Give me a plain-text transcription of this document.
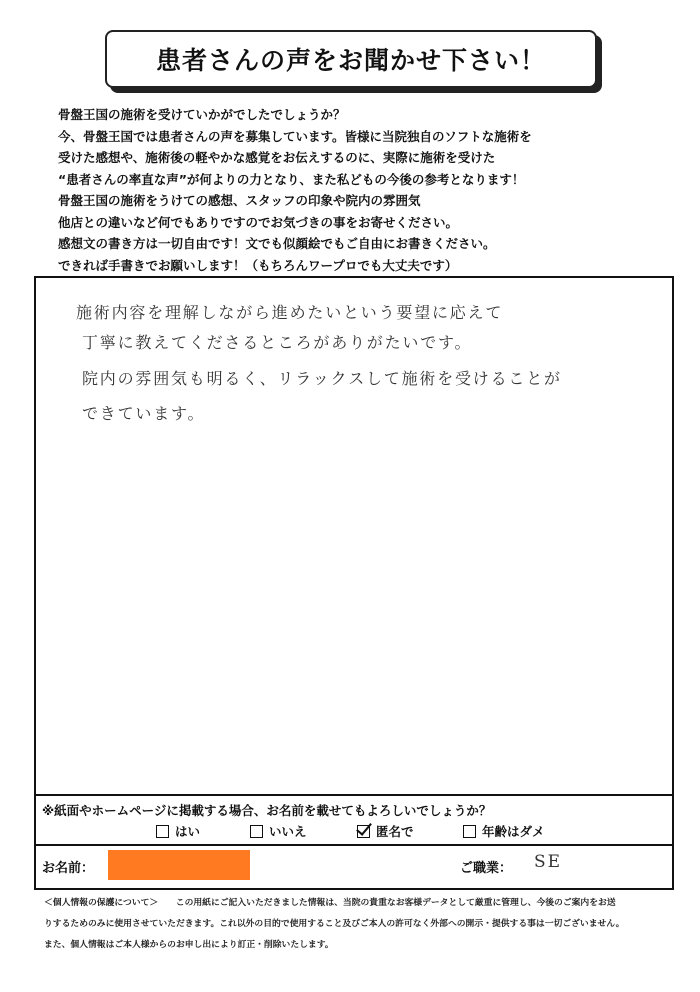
患者さんの声をお聞かせ下さい！
骨盤王国の施術を受けていかがでしたでしょうか？
今、骨盤王国では患者さんの声を募集しています。皆様に当院独自のソフトな施術を
受けた感想や、施術後の軽やかな感覚をお伝えするのに、実際に施術を受けた
“患者さんの率直な声”が何よりの力となり、また私どもの今後の参考となります！
骨盤王国の施術をうけての感想、スタッフの印象や院内の雰囲気
他店との違いなど何でもありですのでお気づきの事をお寄せください。
感想文の書き方は一切自由です！文でも似顔絵でもご自由にお書きください。
できれば手書きでお願いします！（もちろんワープロでも大丈夫です）

施術内容を理解しながら進めたいという要望に応えて

丁寧に教えてくださるところがありがたいです。

院内の雰囲気も明るく、リラックスして施術を受けることが

できています。

※紙面やホームページに掲載する場合、お名前を載せてもよろしいでしょうか？
はい	いいえ	匿名で	年齢はダメ
お名前：	ご職業： SE
＜個人情報の保護について＞　　この用紙にご記入いただきました情報は、当院の貴重なお客様データとして厳重に管理し、今後のご案内をお送
りするためのみに使用させていただきます。これ以外の目的で使用すること及びご本人の許可なく外部への開示・提供する事は一切ございません。
また、個人情報はご本人様からのお申し出により訂正・削除いたします。
